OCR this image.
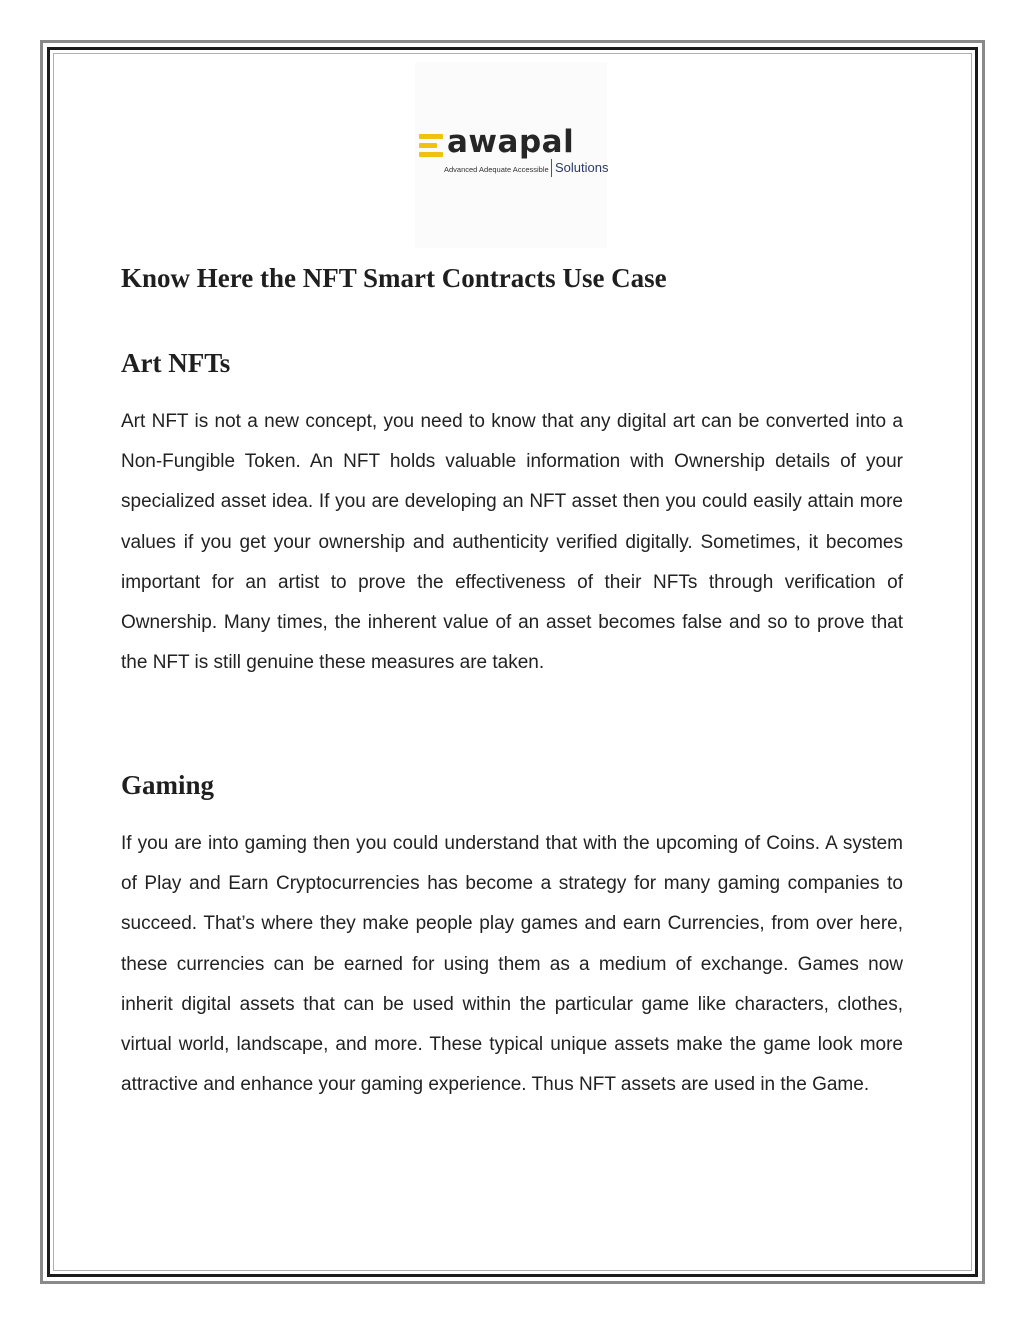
awapal
Advanced Adequate Accessible Solutions
Know Here the NFT Smart Contracts Use Case
Art NFTs

Art NFT is not a new concept, you need to know that any digital art can be converted into a Non-Fungible Token. An NFT holds valuable information with Ownership details of your specialized asset idea. If you are developing an NFT asset then you could easily attain more values if you get your ownership and authenticity verified digitally. Sometimes, it becomes important for an artist to prove the effectiveness of their NFTs through verification of Ownership. Many times, the inherent value of an asset becomes false and so to prove that the NFT is still genuine these measures are taken.

Gaming

If you are into gaming then you could understand that with the upcoming of Coins. A system of Play and Earn Cryptocurrencies has become a strategy for many gaming companies to succeed. That’s where they make people play games and earn Currencies, from over here, these currencies can be earned for using them as a medium of exchange. Games now inherit digital assets that can be used within the particular game like characters, clothes, virtual world, landscape, and more. These typical unique assets make the game look more attractive and enhance your gaming experience. Thus NFT assets are used in the Game.
